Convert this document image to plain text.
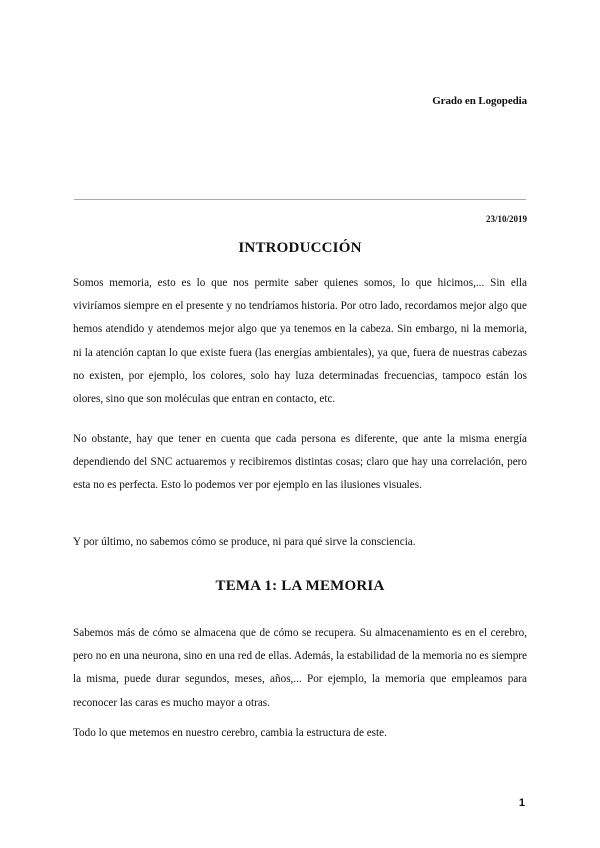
Grado en Logopedia
23/10/2019
INTRODUCCIÓN

Somos memoria, esto es lo que nos permite saber quienes somos, lo que hicimos,... Sin ella viviríamos siempre en el presente y no tendríamos historia. Por otro lado, recordamos mejor algo que hemos atendido y atendemos mejor algo que ya tenemos en la cabeza. Sin embargo, ni la memoria, ni la atención captan lo que existe fuera (las energías ambientales), ya que, fuera de nuestras cabezas no existen, por ejemplo, los colores, solo hay luza determinadas frecuencias, tampoco están los olores, sino que son moléculas que entran en contacto, etc.

No obstante, hay que tener en cuenta que cada persona es diferente, que ante la misma energía dependiendo del SNC actuaremos y recibiremos distintas cosas; claro que hay una correlación, pero esta no es perfecta. Esto lo podemos ver por ejemplo en las ilusiones visuales.

Y por último, no sabemos cómo se produce, ni para qué sirve la consciencia.

TEMA 1: LA MEMORIA

Sabemos más de cómo se almacena que de cómo se recupera. Su almacenamiento es en el cerebro, pero no en una neurona, sino en una red de ellas. Además, la estabilidad de la memoria no es siempre la misma, puede durar segundos, meses, años,... Por ejemplo, la memoria que empleamos para reconocer las caras es mucho mayor a otras.

Todo lo que metemos en nuestro cerebro, cambia la estructura de este.

1
